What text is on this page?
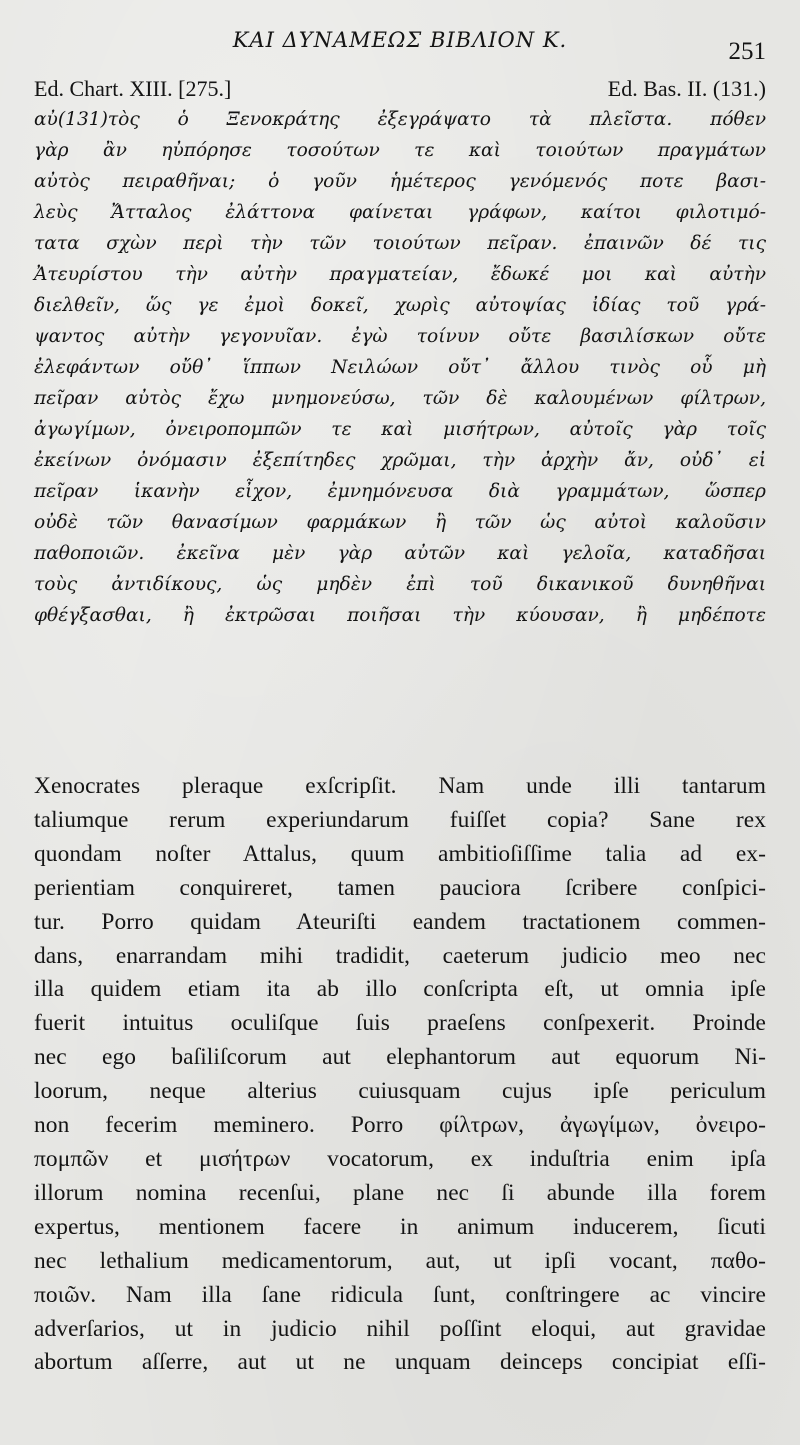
ΚΑΙ ΔΥΝΑΜΕΩΣ ΒΙΒΛΙΟΝ Κ.	251
Ed. Chart. XIII. [275.]	Ed. Bas. II. (131.)
αὐ(131)τὸς ὁ Ξενοκράτης ἐξεγράψατο τὰ πλεῖστα. πόθεν
γὰρ ἂν ηὐπόρησε τοσούτων τε καὶ τοιούτων πραγμάτων
αὐτὸς πειραθῆναι; ὁ γοῦν ἡμέτερος γενόμενός ποτε βασι-
λεὺς Ἄτταλος ἐλάττονα φαίνεται γράφων, καίτοι φιλοτιμό-
τατα σχὼν περὶ τὴν τῶν τοιούτων πεῖραν. ἐπαινῶν δέ τις
Ἀτευρίστου τὴν αὐτὴν πραγματείαν, ἔδωκέ μοι καὶ αὐτὴν
διελθεῖν, ὥς γε ἐμοὶ δοκεῖ, χωρὶς αὐτοψίας ἰδίας τοῦ γρά-
ψαντος αὐτὴν γεγονυῖαν. ἐγὼ τοίνυν οὔτε βασιλίσκων οὔτε
ἐλεφάντων οὔθ᾽ ἵππων Νειλώων οὔτ᾽ ἄλλου τινὸς οὗ μὴ
πεῖραν αὐτὸς ἔχω μνημονεύσω, τῶν δὲ καλουμένων φίλτρων,
ἀγωγίμων, ὀνειροπομπῶν τε καὶ μισήτρων, αὐτοῖς γὰρ τοῖς
ἐκείνων ὀνόμασιν ἐξεπίτηδες χρῶμαι, τὴν ἀρχὴν ἄν, οὐδ᾽ εἰ
πεῖραν ἱκανὴν εἶχον, ἐμνημόνευσα διὰ γραμμάτων, ὥσπερ
οὐδὲ τῶν θανασίμων φαρμάκων ἢ τῶν ὡς αὐτοὶ καλοῦσιν
παθοποιῶν. ἐκεῖνα μὲν γὰρ αὐτῶν καὶ γελοῖα, καταδῆσαι
τοὺς ἀντιδίκους, ὡς μηδὲν ἐπὶ τοῦ δικανικοῦ δυνηθῆναι
φθέγξασθαι, ἢ ἐκτρῶσαι ποιῆσαι τὴν κύουσαν, ἢ μηδέποτε
Xenocrates pleraque exſcripſit. Nam unde illi tantarum
taliumque rerum experiundarum fuiſſet copia? Sane rex
quondam noſter Attalus, quum ambitioſiſſime talia ad ex-
perientiam conquireret, tamen pauciora ſcribere conſpici-
tur. Porro quidam Ateuriſti eandem tractationem commen-
dans, enarrandam mihi tradidit, caeterum judicio meo nec
illa quidem etiam ita ab illo conſcripta eſt, ut omnia ipſe
fuerit intuitus oculiſque ſuis praeſens conſpexerit. Proinde
nec ego baſiliſcorum aut elephantorum aut equorum Ni-
loorum, neque alterius cuiusquam cujus ipſe periculum
non fecerim meminero. Porro φίλτρων, ἀγωγίμων, ὀνειρο-
πομπῶν et μισήτρων vocatorum, ex induſtria enim ipſa
illorum nomina recenſui, plane nec ſi abunde illa forem
expertus, mentionem facere in animum inducerem, ſicuti
nec lethalium medicamentorum, aut, ut ipſi vocant, παθο-
ποιῶν. Nam illa ſane ridicula ſunt, conſtringere ac vincire
adverſarios, ut in judicio nihil poſſint eloqui, aut gravidae
abortum aſſerre, aut ut ne unquam deinceps concipiat eſſi-
